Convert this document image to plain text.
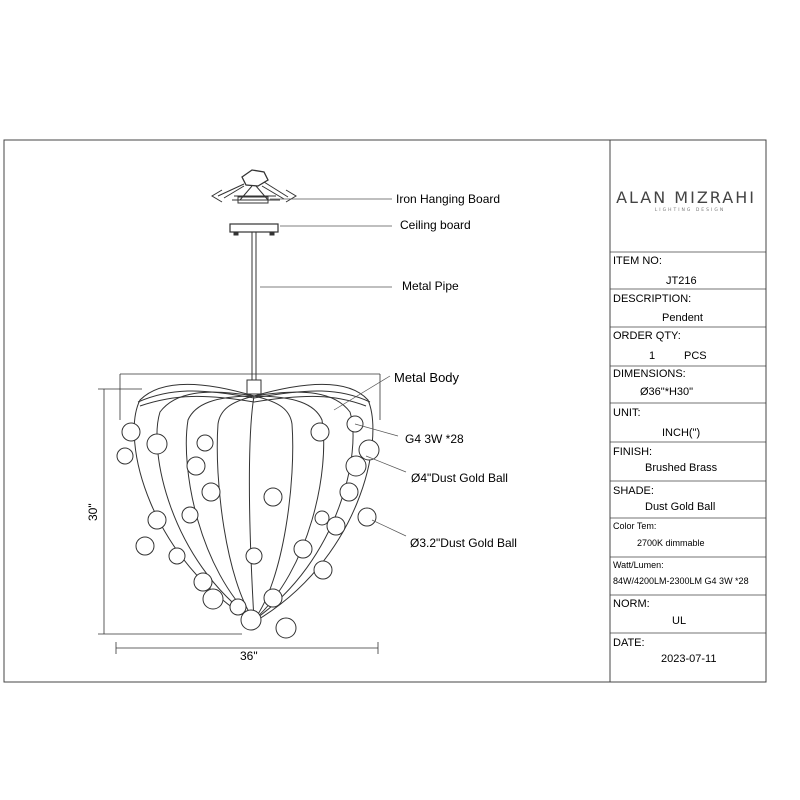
Iron Hanging Board
Ceiling board
Metal Pipe
Metal Body
G4 3W *28
Ø4"Dust Gold Ball
Ø3.2"Dust Gold Ball
30"
36"
ALAN MIZRAHI
LIGHTING DESIGN
ITEM NO:
JT216
DESCRIPTION:
Pendent
ORDER QTY:
1	PCS
DIMENSIONS:
Ø36"*H30"
UNIT:
INCH(")
FINISH:
Brushed Brass
SHADE:
Dust Gold Ball
Color Tem:
2700K dimmable
Watt/Lumen:
84W/4200LM-2300LM G4 3W *28
NORM:
UL
DATE:
2023-07-11
